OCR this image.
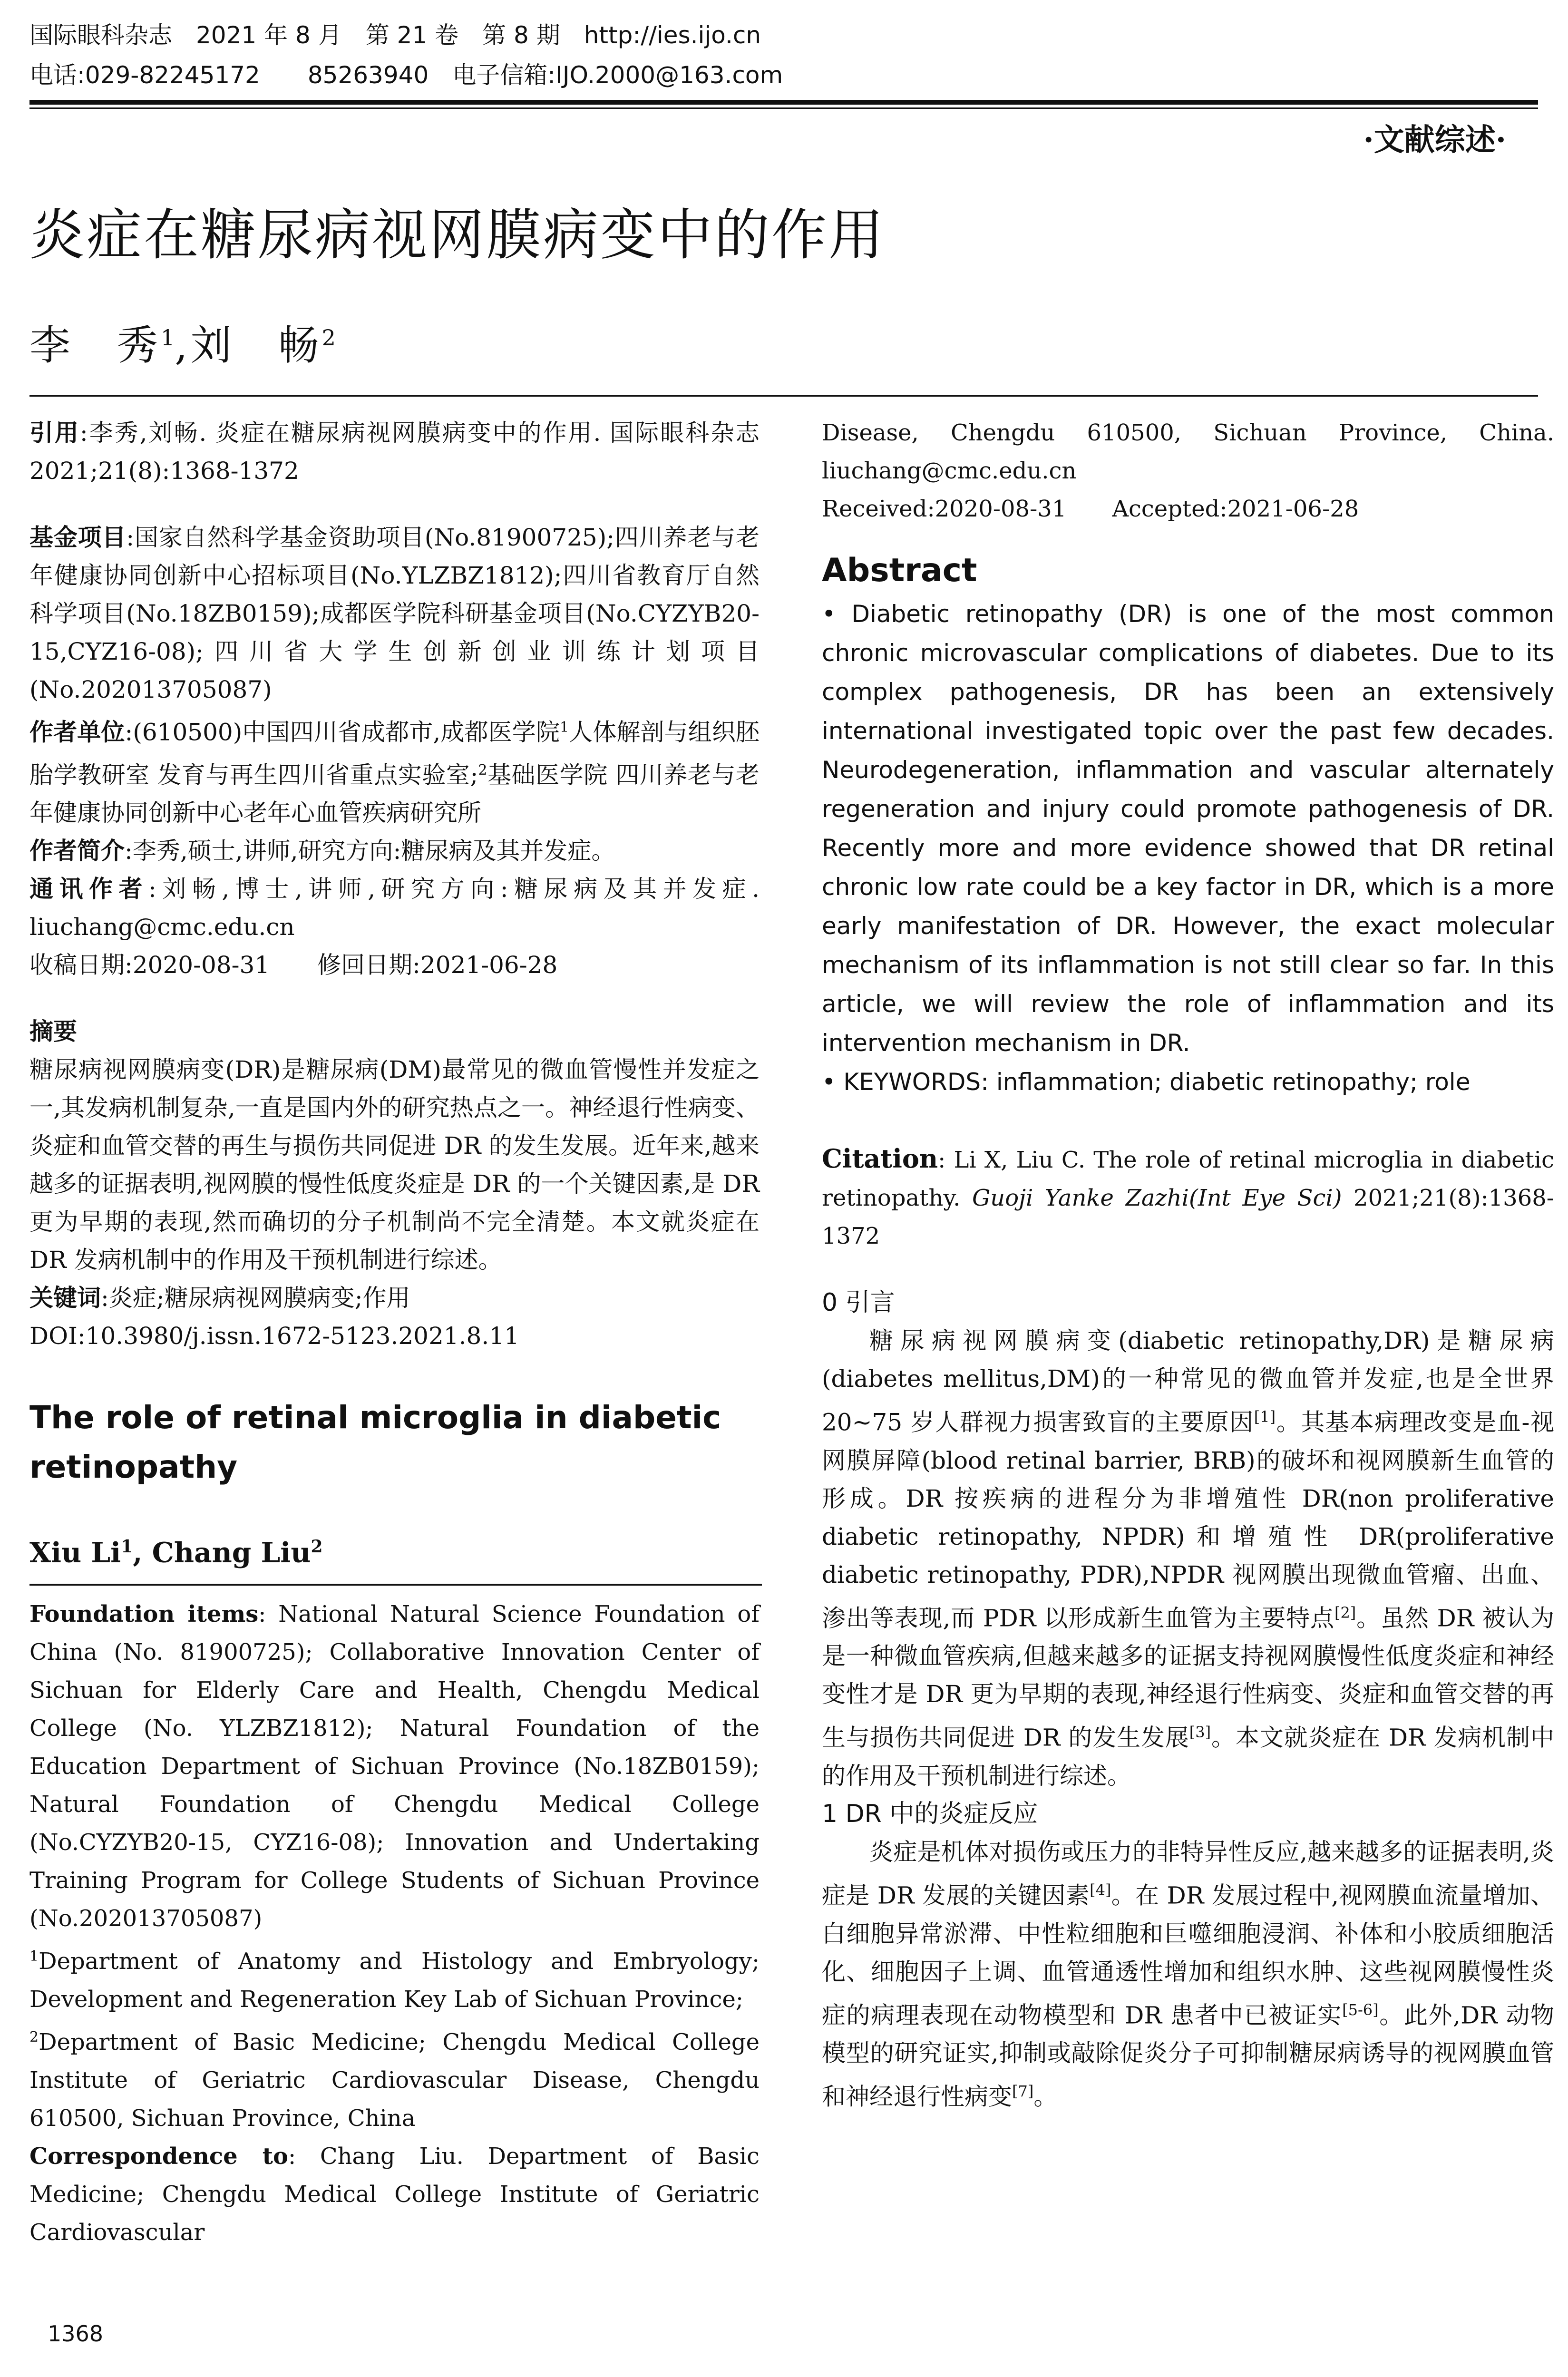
国际眼科杂志　2021 年 8 月　第 21 卷　第 8 期　http://ies.ijo.cn
电话:029-82245172　　85263940　电子信箱:IJO.2000@163.com
·文献综述·
炎症在糖尿病视网膜病变中的作用
李　秀$^1$,刘　畅$^2$

引用:李秀,刘畅. 炎症在糖尿病视网膜病变中的作用. 国际眼科杂志 2021;21(8):1368-1372

基金项目:国家自然科学基金资助项目(No.81900725);四川养老与老年健康协同创新中心招标项目(No.YLZBZ1812);四川省教育厅自然科学项目(No.18ZB0159);成都医学院科研基金项目(No.CYZYB20-15,CYZ16-08);四川省大学生创新创业训练计划项目(No.202013705087)

作者单位:(610500)中国四川省成都市,成都医学院$^1$人体解剖与组织胚胎学教研室 发育与再生四川省重点实验室;$^2$基础医学院 四川养老与老年健康协同创新中心老年心血管疾病研究所

作者简介:李秀,硕士,讲师,研究方向:糖尿病及其并发症。

通讯作者:刘畅,博士,讲师,研究方向:糖尿病及其并发症. liuchang@cmc.edu.cn

收稿日期:2020-08-31　　修回日期:2021-06-28

摘要

糖尿病视网膜病变(DR)是糖尿病(DM)最常见的微血管慢性并发症之一,其发病机制复杂,一直是国内外的研究热点之一。神经退行性病变、炎症和血管交替的再生与损伤共同促进 DR 的发生发展。近年来,越来越多的证据表明,视网膜的慢性低度炎症是 DR 的一个关键因素,是 DR 更为早期的表现,然而确切的分子机制尚不完全清楚。本文就炎症在 DR 发病机制中的作用及干预机制进行综述。

关键词:炎症;糖尿病视网膜病变;作用

DOI:10.3980/j.issn.1672-5123.2021.8.11

The role of retinal microglia in diabetic retinopathy

Xiu Li$^1$, Chang Liu$^2$

Foundation items: National Natural Science Foundation of China (No. 81900725); Collaborative Innovation Center of Sichuan for Elderly Care and Health, Chengdu Medical College (No. YLZBZ1812); Natural Foundation of the Education Department of Sichuan Province (No.18ZB0159); Natural Foundation of Chengdu Medical College (No.CYZYB20-15, CYZ16-08); Innovation and Undertaking Training Program for College Students of Sichuan Province (No.202013705087)

$^1$Department of Anatomy and Histology and Embryology; Development and Regeneration Key Lab of Sichuan Province;

$^2$Department of Basic Medicine; Chengdu Medical College Institute of Geriatric Cardiovascular Disease, Chengdu 610500, Sichuan Province, China

Correspondence to: Chang Liu. Department of Basic Medicine; Chengdu Medical College Institute of Geriatric Cardiovascular

Disease, Chengdu 610500, Sichuan Province, China. liuchang@cmc.edu.cn

Received:2020-08-31　　Accepted:2021-06-28

Abstract

• Diabetic retinopathy (DR) is one of the most common chronic microvascular complications of diabetes. Due to its complex pathogenesis, DR has been an extensively international investigated topic over the past few decades. Neurodegeneration, inflammation and vascular alternately regeneration and injury could promote pathogenesis of DR. Recently more and more evidence showed that DR retinal chronic low rate could be a key factor in DR, which is a more early manifestation of DR. However, the exact molecular mechanism of its inflammation is not still clear so far. In this article, we will review the role of inflammation and its intervention mechanism in DR.

• KEYWORDS: inflammation; diabetic retinopathy; role

Citation: Li X, Liu C. The role of retinal microglia in diabetic retinopathy. Guoji Yanke Zazhi(Int Eye Sci) 2021;21(8):1368-1372

0 引言

糖尿病视网膜病变(diabetic retinopathy,DR)是糖尿病(diabetes mellitus,DM)的一种常见的微血管并发症,也是全世界 20~75 岁人群视力损害致盲的主要原因[1]。其基本病理改变是血-视网膜屏障(blood retinal barrier, BRB)的破坏和视网膜新生血管的形成。DR 按疾病的进程分为非增殖性 DR(non proliferative diabetic retinopathy, NPDR)和增殖性 DR(proliferative diabetic retinopathy, PDR),NPDR 视网膜出现微血管瘤、出血、渗出等表现,而 PDR 以形成新生血管为主要特点[2]。虽然 DR 被认为是一种微血管疾病,但越来越多的证据支持视网膜慢性低度炎症和神经变性才是 DR 更为早期的表现,神经退行性病变、炎症和血管交替的再生与损伤共同促进 DR 的发生发展[3]。本文就炎症在 DR 发病机制中的作用及干预机制进行综述。

1 DR 中的炎症反应

炎症是机体对损伤或压力的非特异性反应,越来越多的证据表明,炎症是 DR 发展的关键因素[4]。在 DR 发展过程中,视网膜血流量增加、白细胞异常淤滞、中性粒细胞和巨噬细胞浸润、补体和小胶质细胞活化、细胞因子上调、血管通透性增加和组织水肿、这些视网膜慢性炎症的病理表现在动物模型和 DR 患者中已被证实[5-6]。此外,DR 动物模型的研究证实,抑制或敲除促炎分子可抑制糖尿病诱导的视网膜血管和神经退行性病变[7]。

1368
